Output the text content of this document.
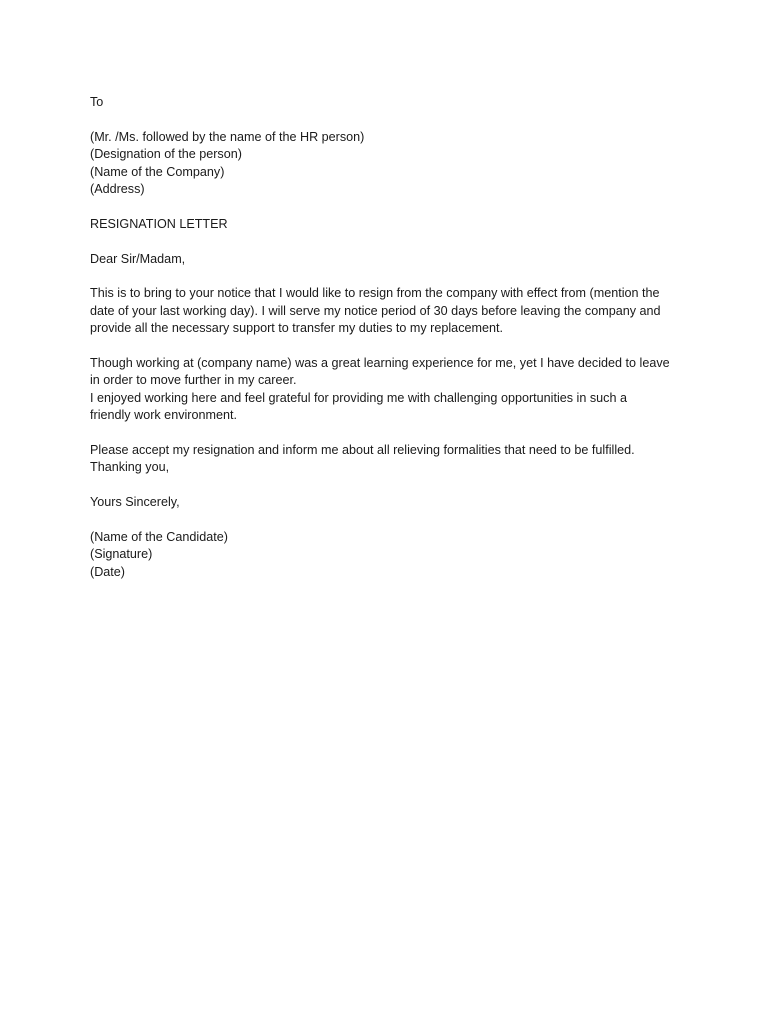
To
(Mr. /Ms. followed by the name of the HR person)
(Designation of the person)
(Name of the Company)
(Address)
RESIGNATION LETTER
Dear Sir/Madam,
This is to bring to your notice that I would like to resign from the company with effect from (mention the
date of your last working day). I will serve my notice period of 30 days before leaving the company and
provide all the necessary support to transfer my duties to my replacement.
Though working at (company name) was a great learning experience for me, yet I have decided to leave
in order to move further in my career.
I enjoyed working here and feel grateful for providing me with challenging opportunities in such a
friendly work environment.
Please accept my resignation and inform me about all relieving formalities that need to be fulfilled.
Thanking you,
Yours Sincerely,
(Name of the Candidate)
(Signature)
(Date)
